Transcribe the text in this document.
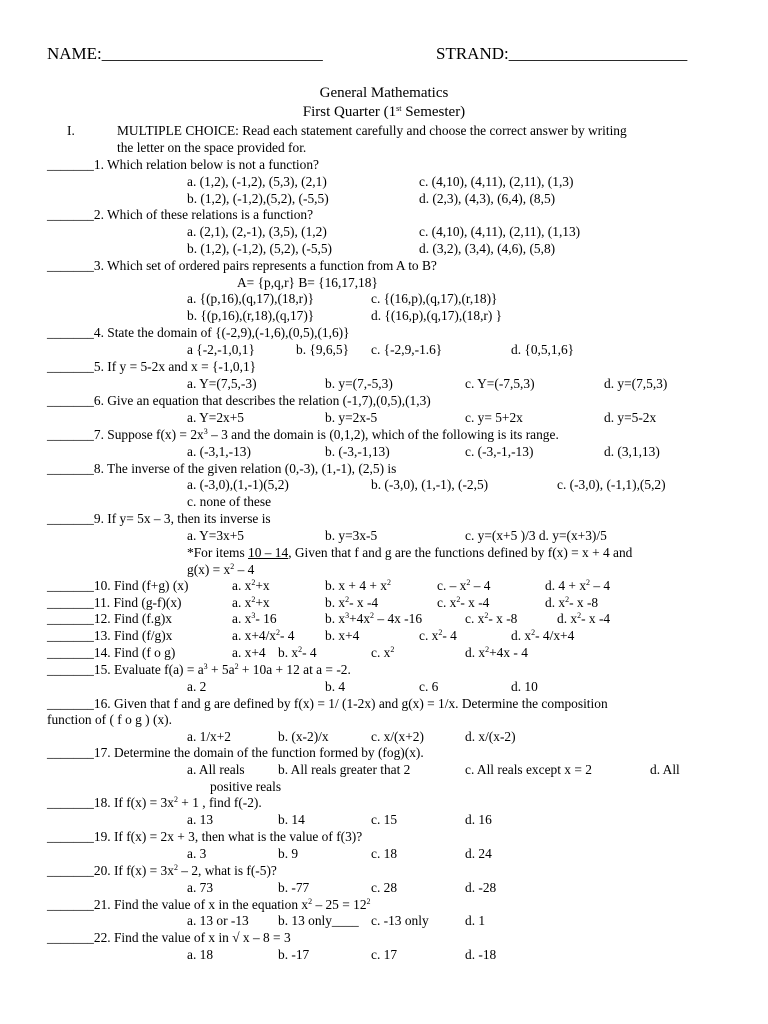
NAME:__________________________	STRAND:_____________________
General Mathematics
First Quarter (1st Semester)
I.	MULTIPLE CHOICE: Read each statement carefully and choose the correct answer by writing
the letter on the space provided for.
_______1. Which relation below is not a function?
a. (1,2), (-1,2), (5,3), (2,1)	c. (4,10), (4,11), (2,11), (1,3)
b. (1,2), (-1,2),(5,2), (-5,5)	d. (2,3), (4,3), (6,4), (8,5)
_______2. Which of these relations is a function?
a. (2,1), (2,-1), (3,5), (1,2)	c. (4,10), (4,11), (2,11), (1,13)
b. (1,2), (-1,2), (5,2), (-5,5)	d. (3,2), (3,4), (4,6), (5,8)
_______3. Which set of ordered pairs represents a function from A to B?
A= {p,q,r} B= {16,17,18}
a. {(p,16),(q,17),(18,r)}	c. {(16,p),(q,17),(r,18)}
b. {(p,16),(r,18),(q,17)}	d. {(16,p),(q,17),(18,r) }
_______4. State the domain of {(-2,9),(-1,6),(0,5),(1,6)}
a {-2,-1,0,1}	b. {9,6,5} c. {-2,9,-1.6}	d. {0,5,1,6}
_______5. If y = 5-2x and x = {-1,0,1}
a. Y=(7,5,-3)	b. y=(7,-5,3)	c. Y=(-7,5,3)	d. y=(7,5,3)
_______6. Give an equation that describes the relation (-1,7),(0,5),(1,3)
a. Y=2x+5	b. y=2x-5	c. y= 5+2x	d. y=5-2x
_______7. Suppose $f(x) = 2x^3 - 3$ and the domain is (0,1,2), which of the following is its range.
a. (-3,1,-13)	b. (-3,-1,13)	c. (-3,-1,-13)	d. (3,1,13)
_______8. The inverse of the given relation (0,-3), (1,-1), (2,5) is
a. (-3,0),(1,-1)(5,2)	b. (-3,0), (1,-1), (-2,5)	c. (-3,0), (-1,1),(5,2)
c. none of these
_______9. If y= 5x – 3, then its inverse is
a. Y=3x+5	b. y=3x-5	c. y=(x+5 )/3 d. y=(x+3)/5
*For items 10 – 14, Given that f and g are the functions defined by f(x) = x + 4 and
$g(x) = x^2 - 4$
_______10. Find (f+g) (x)	a. $x^2+x$	b. $x + 4 + x^2$	c. – $x^2 - 4$	d. $4 + x^2 - 4$
_______11. Find (g-f)(x)	a. $x^2+x$	b. $x^2-$ x -4	c. $x^2-$ x -4	d. $x^2-$ x -8
_______12. Find (f.g)x	a. $x^3-$ 16	b. $x^3+4x^2 - 4x$ -16	c. $x^2-$ x -8	d. $x^2-$ x -4
_______13. Find (f/g)x	a. $x+4/x^2-$ 4 b. x+4	c. $x^2-$ 4	d. $x^2-$ 4/x+4
_______14. Find (f o g)	a. x+4 b. $x^2-$ 4	c. $x^2$	d. $x^2+4x - 4$
_______15. Evaluate $f(a) = a^3 + 5a^2 + 10a + 12$ at a = -2.
a. 2	b. 4	c. 6	d. 10
_______16. Given that f and g are defined by f(x) = 1/ (1-2x) and g(x) = 1/x. Determine the composition
function of ( f o g ) (x).
a. 1/x+2	b. (x-2)/x	c. x/(x+2)	d. x/(x-2)
_______17. Determine the domain of the function formed by (fog)(x).
a. All reals b. All reals greater that 2	c. All reals except x = 2	d. All
positive reals
_______18. If $f(x) = 3x^2 + 1$ , find f(-2).
a. 13	b. 14	c. 15	d. 16
_______19. If f(x) = 2x + 3, then what is the value of f(3)?
a. 3	b. 9	c. 18	d. 24
_______20. If $f(x) = 3x^2 - 2$, what is f(-5)?
a. 73	b. -77	c. 28	d. -28
_______21. Find the value of x in the equation $x^2 - 25 = 12^2$
a. 13 or -13 b. 13 only____ c. -13 only	d. 1
_______22. Find the value of x in √ x – 8 = 3
a. 18	b. -17	c. 17	d. -18
